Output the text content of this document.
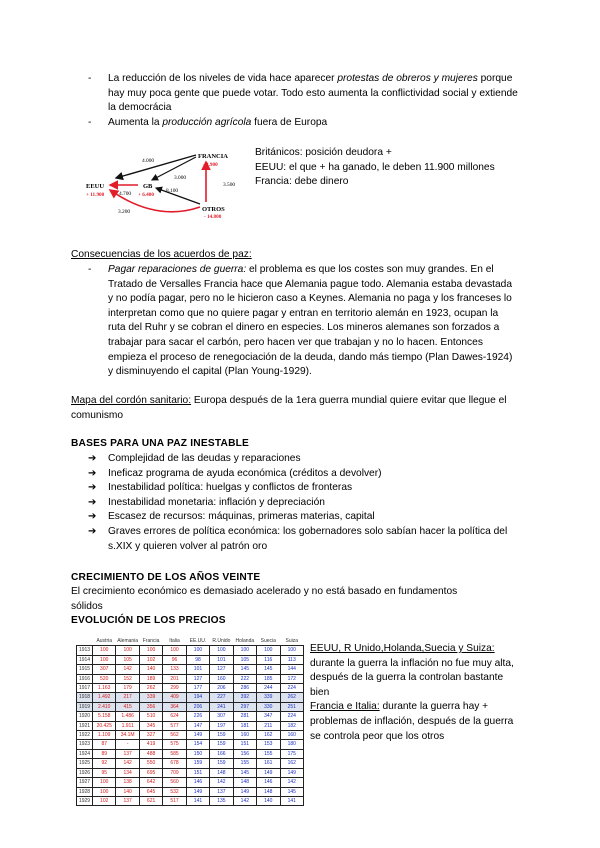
- La reducción de los niveles de vida hace aparecer protestas de obreros y mujeres porque hay muy poca gente que puede votar. Todo esto aumenta la conflictividad social y extiende la democrácia
- Aumenta la producción agrícola fuera de Europa
FRANCIA
- 3.900
EEUU
+ 11.900
GB
+ 6.400
OTROS
- 14.800
4.000
3.000
8.100
3.500
4.700
3.200
Británicos: posición deudora +
EEUU: el que + ha ganado, le deben 11.900 millones
Francia: debe dinero
Consecuencias de los acuerdos de paz:
- Pagar reparaciones de guerra: el problema es que los costes son muy grandes. En el Tratado de Versalles Francia hace que Alemania pague todo. Alemania estaba devastada y no podía pagar, pero no le hicieron caso a Keynes. Alemania no paga y los franceses lo interpretan como que no quiere pagar y entran en territorio alemán en 1923, ocupan la ruta del Ruhr y se cobran el dinero en especies. Los mineros alemanes son forzados a trabajar para sacar el carbón, pero hacen ver que trabajan y no lo hacen. Entonces empieza el proceso de renegociación de la deuda, dando más tiempo (Plan Dawes-1924) y disminuyendo el capital (Plan Young-1929).
Mapa del cordón sanitario: Europa después de la 1era guerra mundial quiere evitar que llegue el comunismo
BASES PARA UNA PAZ INESTABLE
➔ Complejidad de las deudas y reparaciones
➔ Ineficaz programa de ayuda económica (créditos a devolver)
➔ Inestabilidad política: huelgas y conflictos de fronteras
➔ Inestabilidad monetaria: inflación y depreciación
➔ Escasez de recursos: máquinas, primeras materias, capital
➔ Graves errores de política económica: los gobernadores solo sabían hacer la política del s.XIX y quieren volver al patrón oro
CRECIMIENTO DE LOS AÑOS VEINTE
El crecimiento económico es demasiado acelerado y no está basado en fundamentos sólidos
EVOLUCIÓN DE LOS PRECIOS
	Austria	Alemania	Francia	Italia	EE.UU.	R.Unido	Holanda	Suecia	Suiza
1913	100	100	100	100	100	100	100	100	100
1914	100	105	102	96	98	101	105	116	113
1915	307	142	140	133	101	127	145	145	144
1916	520	152	189	201	127	160	222	185	172
1917	1.163	179	262	299	177	206	286	244	224
1918	1.492	217	339	409	194	227	392	339	262
1919	2.410	415	356	364	206	241	297	330	251
1920	5.158	1.486	510	624	226	307	281	347	224
1921	20.425	1.911	345	577	147	197	181	211	182
1922	1.109	34.1M	327	562	149	159	160	162	160
1923	87	-	419	575	154	159	151	153	180
1924	89	137	488	585	150	166	156	155	175
1925	92	142	550	678	159	159	155	161	162
1926	95	134	695	709	151	148	145	149	149
1927	100	138	642	560	146	142	148	146	142
1928	100	140	645	532	149	137	149	148	145
1929	102	137	621	517	141	135	142	140	141
EEUU, R Unido,Holanda,Suecia y Suiza: durante la guerra la inflación no fue muy alta, después de la guerra la controlan bastante bien
Francia e Italia: durante la guerra hay + problemas de inflación, después de la guerra se controla peor que los otros
